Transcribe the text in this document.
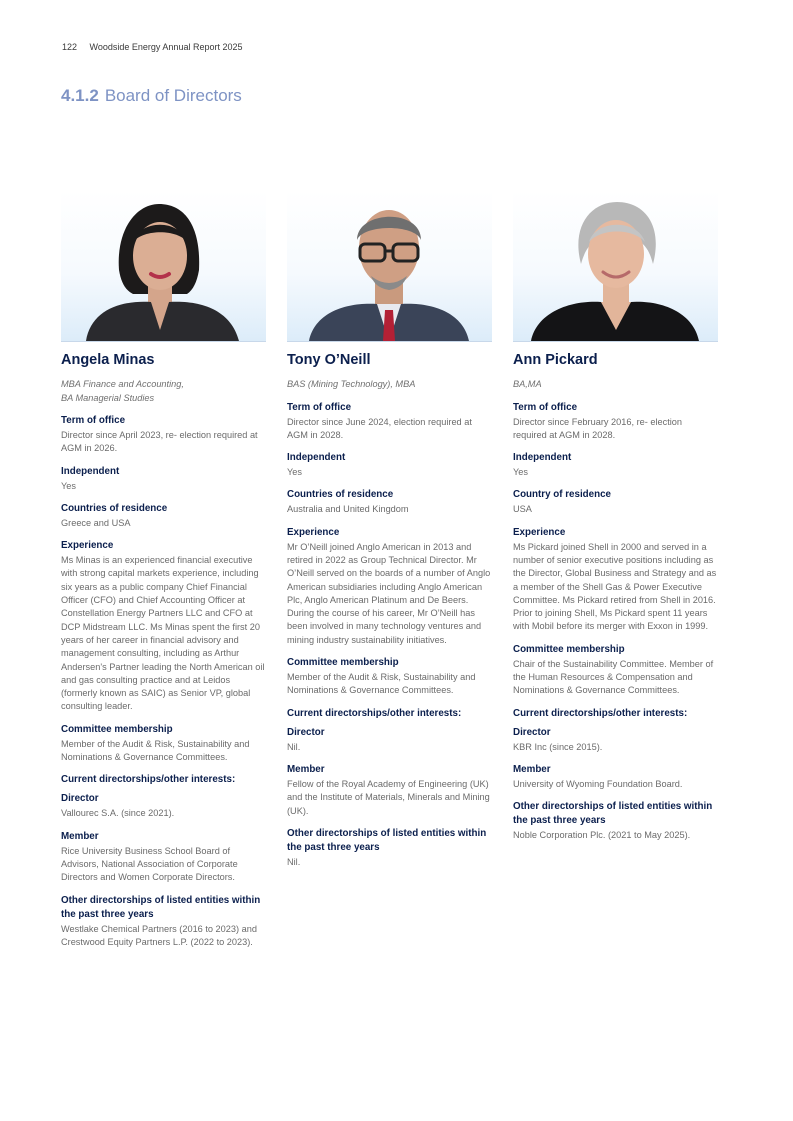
122 Woodside Energy Annual Report 2025
4.1.2 Board of Directors
Angela Minas

MBA Finance and Accounting,
BA Managerial Studies

Term of office

Director since April 2023, re- election required at AGM in 2026.

Independent

Yes

Countries of residence

Greece and USA

Experience

Ms Minas is an experienced financial executive with strong capital markets experience, including six years as a public company Chief Financial Officer (CFO) and Chief Accounting Officer at Constellation Energy Partners LLC and CFO at DCP Midstream LLC. Ms Minas spent the first 20 years of her career in financial advisory and management consulting, including as Arthur Andersen's Partner leading the North American oil and gas consulting practice and at Leidos (formerly known as SAIC) as Senior VP, global consulting leader.

Committee membership

Member of the Audit & Risk, Sustainability and Nominations & Governance Committees.

Current directorships/other interests:

Director

Vallourec S.A. (since 2021).

Member

Rice University Business School Board of Advisors, National Association of Corporate Directors and Women Corporate Directors.

Other directorships of listed entities within the past three years

Westlake Chemical Partners (2016 to 2023) and Crestwood Equity Partners L.P. (2022 to 2023).

Tony O’Neill

BAS (Mining Technology), MBA

Term of office

Director since June 2024, election required at AGM in 2028.

Independent

Yes

Countries of residence

Australia and United Kingdom

Experience

Mr O’Neill joined Anglo American in 2013 and retired in 2022 as Group Technical Director. Mr O’Neill served on the boards of a number of Anglo American subsidiaries including Anglo American Plc, Anglo American Platinum and De Beers. During the course of his career, Mr O’Neill has been involved in many technology ventures and mining industry sustainability initiatives.

Committee membership

Member of the Audit & Risk, Sustainability and Nominations & Governance Committees.

Current directorships/other interests:

Director

Nil.

Member

Fellow of the Royal Academy of Engineering (UK) and the Institute of Materials, Minerals and Mining (UK).

Other directorships of listed entities within the past three years

Nil.

Ann Pickard

BA,MA

Term of office

Director since February 2016, re- election required at AGM in 2028.

Independent

Yes

Country of residence

USA

Experience

Ms Pickard joined Shell in 2000 and served in a number of senior executive positions including as the Director, Global Business and Strategy and as a member of the Shell Gas & Power Executive Committee. Ms Pickard retired from Shell in 2016. Prior to joining Shell, Ms Pickard spent 11 years with Mobil before its merger with Exxon in 1999.

Committee membership

Chair of the Sustainability Committee. Member of the Human Resources & Compensation and Nominations & Governance Committees.

Current directorships/other interests:

Director

KBR Inc (since 2015).

Member

University of Wyoming Foundation Board.

Other directorships of listed entities within the past three years

Noble Corporation Plc. (2021 to May 2025).
